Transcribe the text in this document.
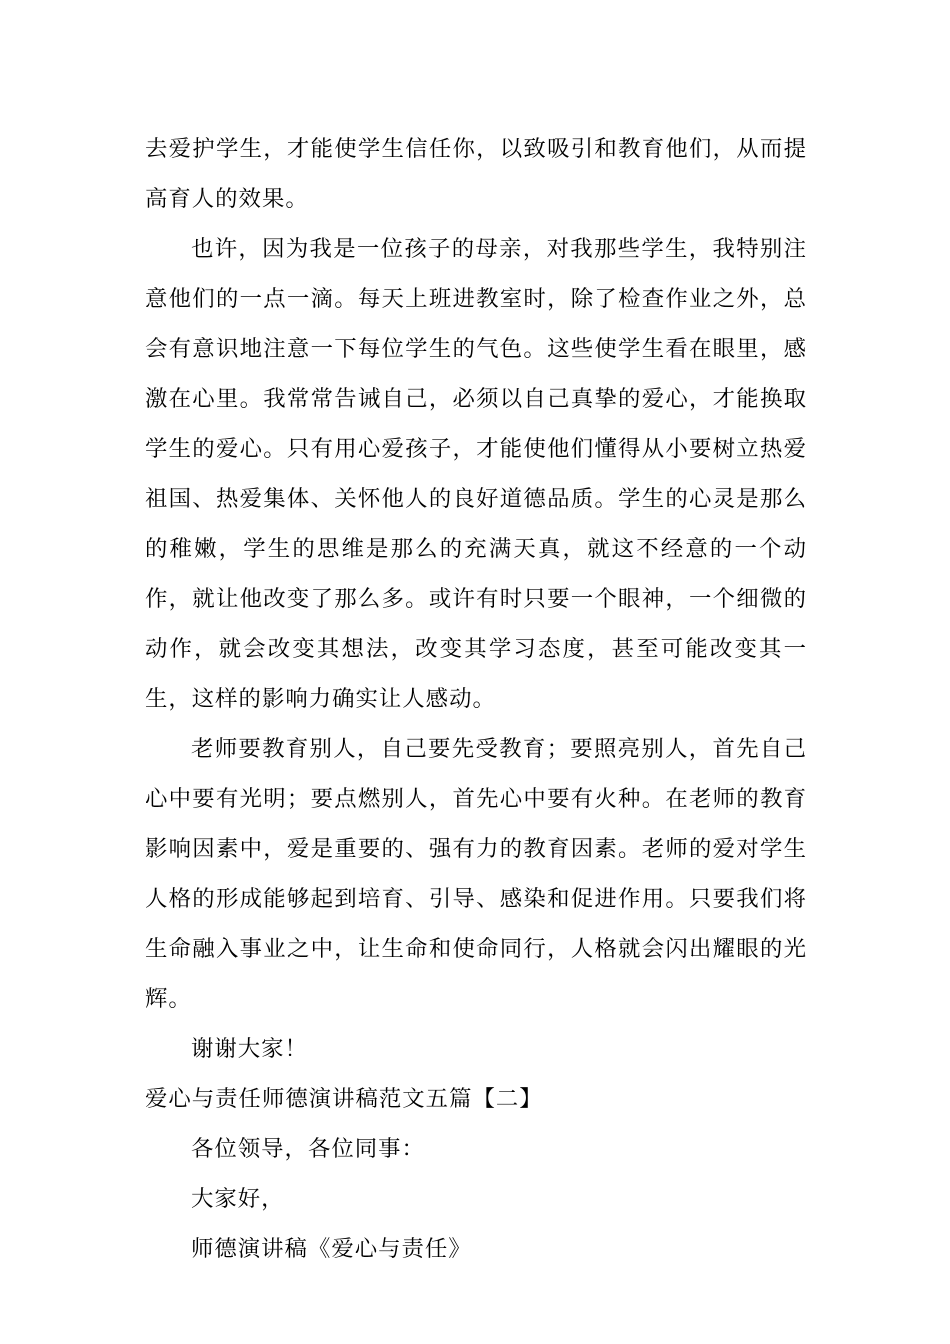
去爱护学生，才能使学生信任你，以致吸引和教育他们，从而提高育人的效果。

也许，因为我是一位孩子的母亲，对我那些学生，我特别注意他们的一点一滴。每天上班进教室时，除了检查作业之外，总会有意识地注意一下每位学生的气色。这些使学生看在眼里，感激在心里。我常常告诫自己，必须以自己真挚的爱心，才能换取学生的爱心。只有用心爱孩子，才能使他们懂得从小要树立热爱祖国、热爱集体、关怀他人的良好道德品质。学生的心灵是那么的稚嫩，学生的思维是那么的充满天真，就这不经意的一个动作，就让他改变了那么多。或许有时只要一个眼神，一个细微的动作，就会改变其想法，改变其学习态度，甚至可能改变其一生，这样的影响力确实让人感动。

老师要教育别人，自己要先受教育；要照亮别人，首先自己心中要有光明；要点燃别人，首先心中要有火种。在老师的教育影响因素中，爱是重要的、强有力的教育因素。老师的爱对学生人格的形成能够起到培育、引导、感染和促进作用。只要我们将生命融入事业之中，让生命和使命同行，人格就会闪出耀眼的光辉。

谢谢大家！

爱心与责任师德演讲稿范文五篇【二】

各位领导，各位同事：

大家好，

师德演讲稿《爱心与责任》
